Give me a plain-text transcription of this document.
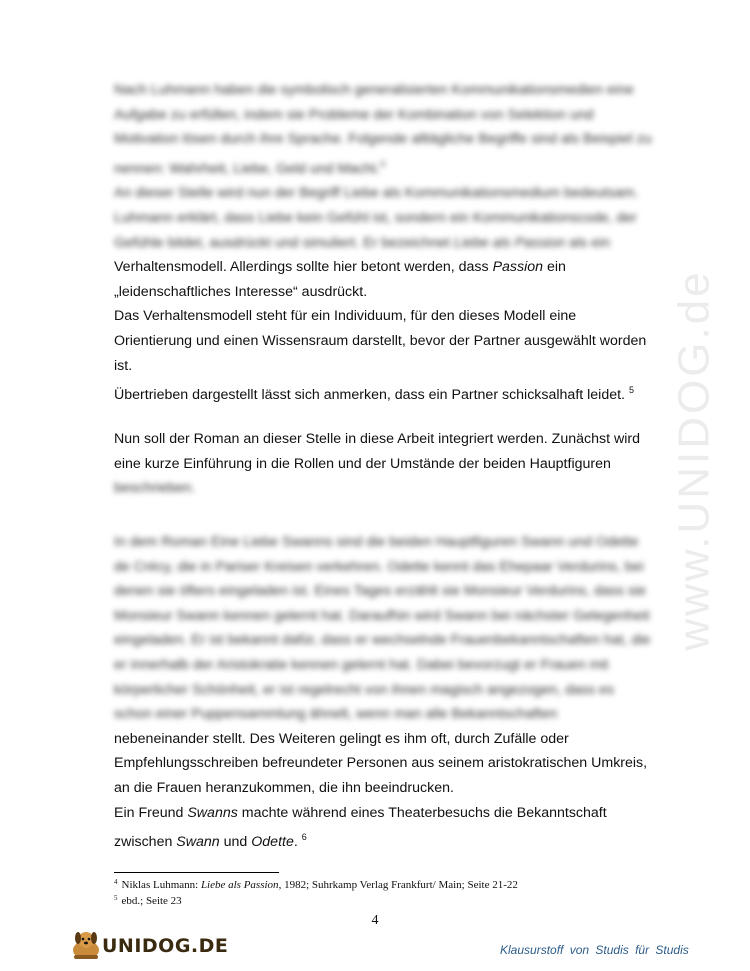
www.UNIDOG.de

Nach Luhmann haben die symbolisch generalisierten Kommunikationsmedien eine

Aufgabe zu erfüllen, indem sie Probleme der Kombination von Selektion und

Motivation lösen durch ihre Sprache. Folgende alltägliche Begriffe sind als Beispiel zu

nennen: Wahrheit, Liebe, Geld und Macht.$^4$

An dieser Stelle wird nun der Begriff Liebe als Kommunikationsmedium bedeutsam.

Luhmann erklärt, dass Liebe kein Gefühl ist, sondern ein Kommunikationscode, der

Gefühle bildet, ausdrückt und simuliert. Er bezeichnet Liebe als Passion als ein

Verhaltensmodell. Allerdings sollte hier betont werden, dass Passion ein

„leidenschaftliches Interesse“ ausdrückt.

Das Verhaltensmodell steht für ein Individuum, für den dieses Modell eine

Orientierung und einen Wissensraum darstellt, bevor der Partner ausgewählt worden

ist.

Übertrieben dargestellt lässt sich anmerken, dass ein Partner schicksalhaft leidet. $^5$

Nun soll der Roman an dieser Stelle in diese Arbeit integriert werden. Zunächst wird

eine kurze Einführung in die Rollen und der Umstände der beiden Hauptfiguren

beschrieben.

In dem Roman Eine Liebe Swanns sind die beiden Hauptfiguren Swann und Odette

de Crécy, die in Pariser Kreisen verkehren. Odette kennt das Ehepaar Verdurins, bei

denen sie öfters eingeladen ist. Eines Tages erzählt sie Monsieur Verdurins, dass sie

Monsieur Swann kennen gelernt hat. Daraufhin wird Swann bei nächster Gelegenheit

eingeladen. Er ist bekannt dafür, dass er wechselnde Frauenbekanntschaften hat, die

er innerhalb der Aristokratie kennen gelernt hat. Dabei bevorzugt er Frauen mit

körperlicher Schönheit, er ist regelrecht von ihnen magisch angezogen, dass es

schon einer Puppensammlung ähnelt, wenn man alle Bekanntschaften

nebeneinander stellt. Des Weiteren gelingt es ihm oft, durch Zufälle oder

Empfehlungsschreiben befreundeter Personen aus seinem aristokratischen Umkreis,

an die Frauen heranzukommen, die ihn beeindrucken.

Ein Freund Swanns machte während eines Theaterbesuchs die Bekanntschaft

zwischen Swann und Odette. $^6$

$^4$ Niklas Luhmann: Liebe als Passion, 1982; Suhrkamp Verlag Frankfurt/ Main; Seite 21-22

$^5$ ebd.; Seite 23

4
UNIDOG.DE	Klausurstoff von Studis für Studis
